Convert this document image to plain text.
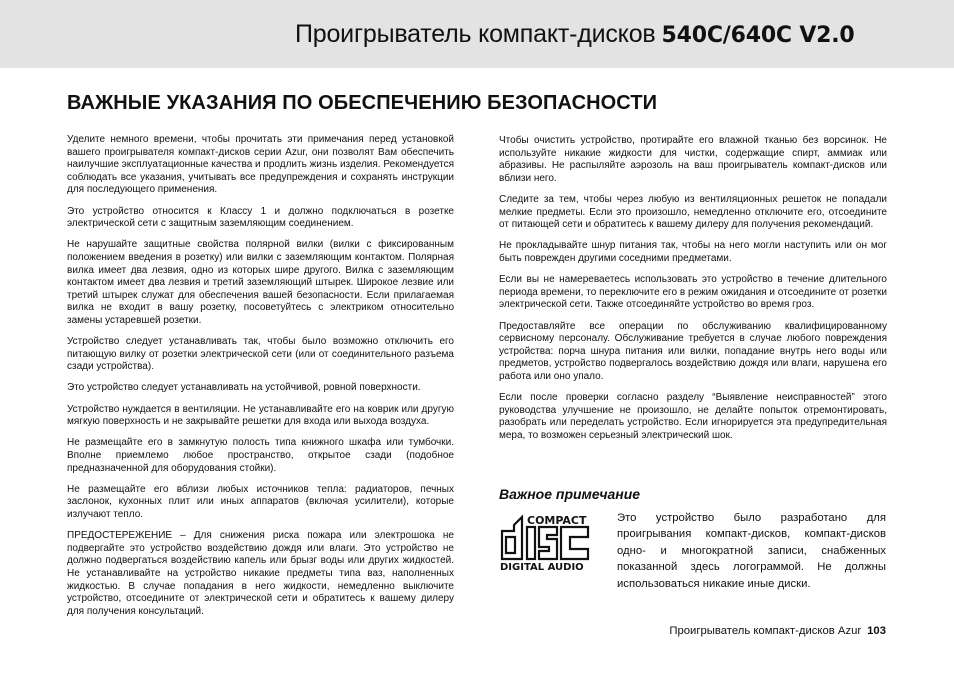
Проигрыватель компакт-дисков 540C/640C V2.0
ВАЖНЫЕ УКАЗАНИЯ ПО ОБЕСПЕЧЕНИЮ БЕЗОПАСНОСТИ

Уделите немного времени, чтобы прочитать эти примечания перед установкой вашего проигрывателя компакт-дисков серии Azur, они позволят Вам обеспечить наилучшие эксплуатационные качества и продлить жизнь изделия. Рекомендуется соблюдать все указания, учитывать все предупреждения и сохранять инструкции для последующего применения.

Это устройство относится к Классу 1 и должно подключаться в розетке электрической сети с защитным заземляющим соединением.

Не нарушайте защитные свойства полярной вилки (вилки с фиксированным положением введения в розетку) или вилки с заземляющим контактом. Полярная вилка имеет два лезвия, одно из которых шире другого. Вилка с заземляющим контактом имеет два лезвия и третий заземляющий штырек. Широкое лезвие или третий штырек служат для обеспечения вашей безопасности. Если прилагаемая вилка не входит в вашу розетку, посоветуйтесь с электриком относительно замены устаревшей розетки.

Устройство следует устанавливать так, чтобы было возможно отключить его питающую вилку от розетки электрической сети (или от соединительного разъема сзади устройства).

Это устройство следует устанавливать на устойчивой, ровной поверхности.

Устройство нуждается в вентиляции. Не устанавливайте его на коврик или другую мягкую поверхность и не закрывайте решетки для входа или выхода воздуха.

Не размещайте его в замкнутую полость типа книжного шкафа или тумбочки. Вполне приемлемо любое пространство, открытое сзади (подобное предназначенной для оборудования стойки).

Не размещайте его вблизи любых источников тепла: радиаторов, печных заслонок, кухонных плит или иных аппаратов (включая усилители), которые излучают тепло.

ПРЕДОСТЕРЕЖЕНИЕ – Для снижения риска пожара или электрошока не подвергайте это устройство воздействию дождя или влаги. Это устройство не должно подвергаться воздействию капель или брызг воды или других жидкостей. Не устанавливайте на устройство никакие предметы типа ваз, наполненных жидкостью. В случае попадания в него жидкости, немедленно выключите устройство, отсоедините от электрической сети и обратитесь к вашему дилеру для получения консультаций.

Чтобы очистить устройство, протирайте его влажной тканью без ворсинок. Не используйте никакие жидкости для чистки, содержащие спирт, аммиак или абразивы. Не распыляйте аэрозоль на ваш проигрыватель компакт-дисков или вблизи него.

Следите за тем, чтобы через любую из вентиляционных решеток не попадали мелкие предметы. Если это произошло, немедленно отключите его, отсоедините от питающей сети и обратитесь к вашему дилеру для получения рекомендаций.

Не прокладывайте шнур питания так, чтобы на него могли наступить или он мог быть поврежден другими соседними предметами.

Если вы не намереваетесь использовать это устройство в течение длительного периода времени, то переключите его в режим ожидания и отсоедините от розетки электрической сети. Также отсоединяйте устройство во время гроз.

Предоставляйте все операции по обслуживанию квалифицированному сервисному персоналу. Обслуживание требуется в случае любого повреждения устройства: порча шнура питания или вилки, попадание внутрь него воды или предметов, устройство подвергалось воздействию дождя или влаги, нарушена его работа или оно упало.

Если после проверки согласно разделу “Выявление неисправностей” этого руководства улучшение не произошло, не делайте попыток отремонтировать, разобрать или переделать устройство. Если игнорируется эта предупредительная мера, то возможен серьезный электрический шок.

Важное примечание
COMPACT
DIGITAL AUDIO
Это устройство было разработано для проигрывания компакт-дисков, компакт-дисков одно- и многократной записи, снабженных показанной здесь логограммой. Не должны использоваться никакие иные диски.
Проигрыватель компакт-дисков Azur 103
